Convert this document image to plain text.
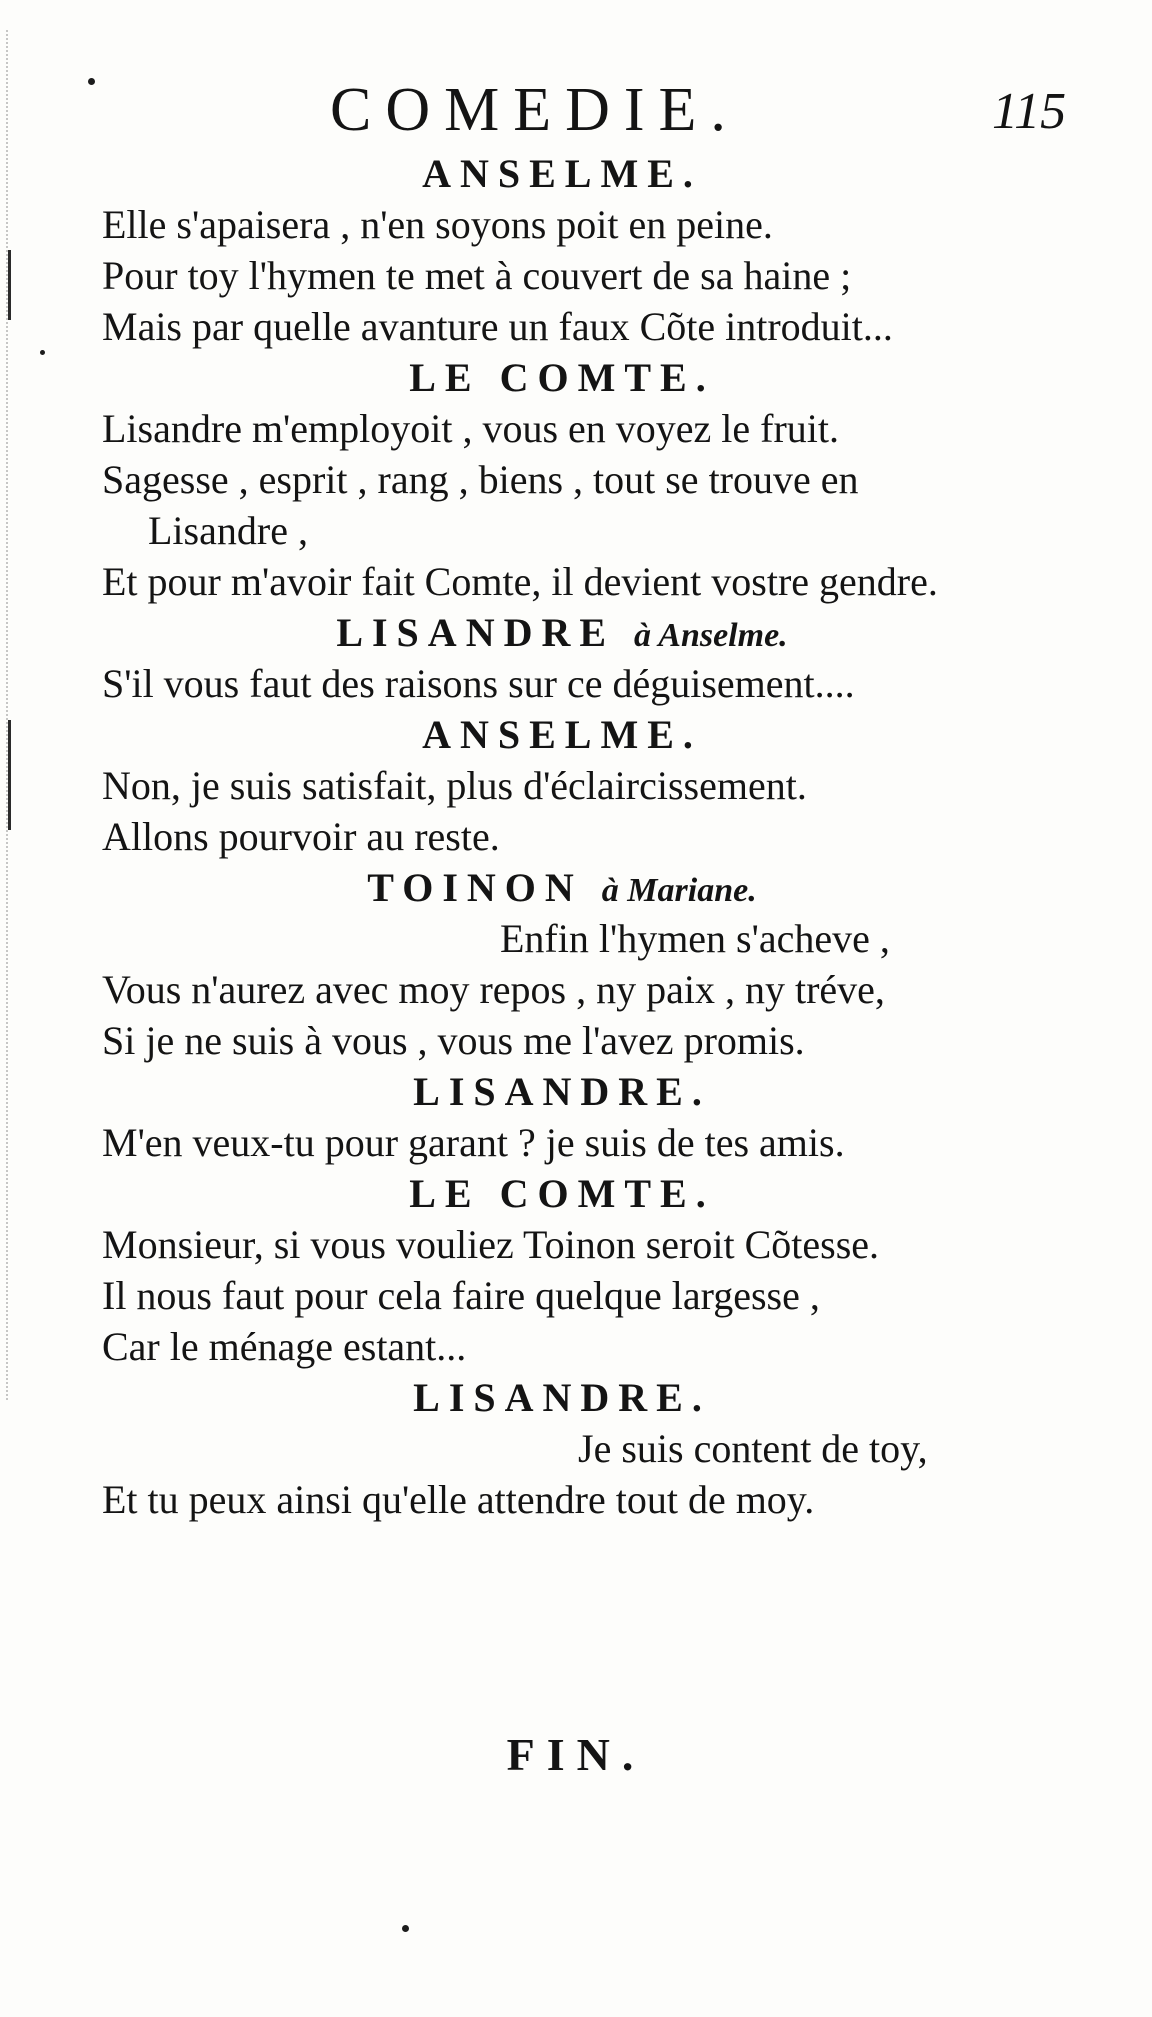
COMEDIE.	115
ANSELME.
Elle s'apaisera , n'en soyons poit en peine.
Pour toy l'hymen te met à couvert de sa haine ;
Mais par quelle avanture un faux Cõte introduit...
LE COMTE.
Lisandre m'employoit , vous en voyez le fruit.
Sagesse , esprit , rang , biens , tout se trouve en
Lisandre ,
Et pour m'avoir fait Comte, il devient vostre gendre.
LISANDRE à Anselme.
S'il vous faut des raisons sur ce déguisement....
ANSELME.
Non, je suis satisfait, plus d'éclaircissement.
Allons pourvoir au reste.
TOINON à Mariane.
Enfin l'hymen s'acheve ,
Vous n'aurez avec moy repos , ny paix , ny tréve,
Si je ne suis à vous , vous me l'avez promis.
LISANDRE.
M'en veux-tu pour garant ? je suis de tes amis.
LE COMTE.
Monsieur, si vous vouliez Toinon seroit Cõtesse.
Il nous faut pour cela faire quelque largesse ,
Car le ménage estant...
LISANDRE.
Je suis content de toy,
Et tu peux ainsi qu'elle attendre tout de moy.
FIN.
